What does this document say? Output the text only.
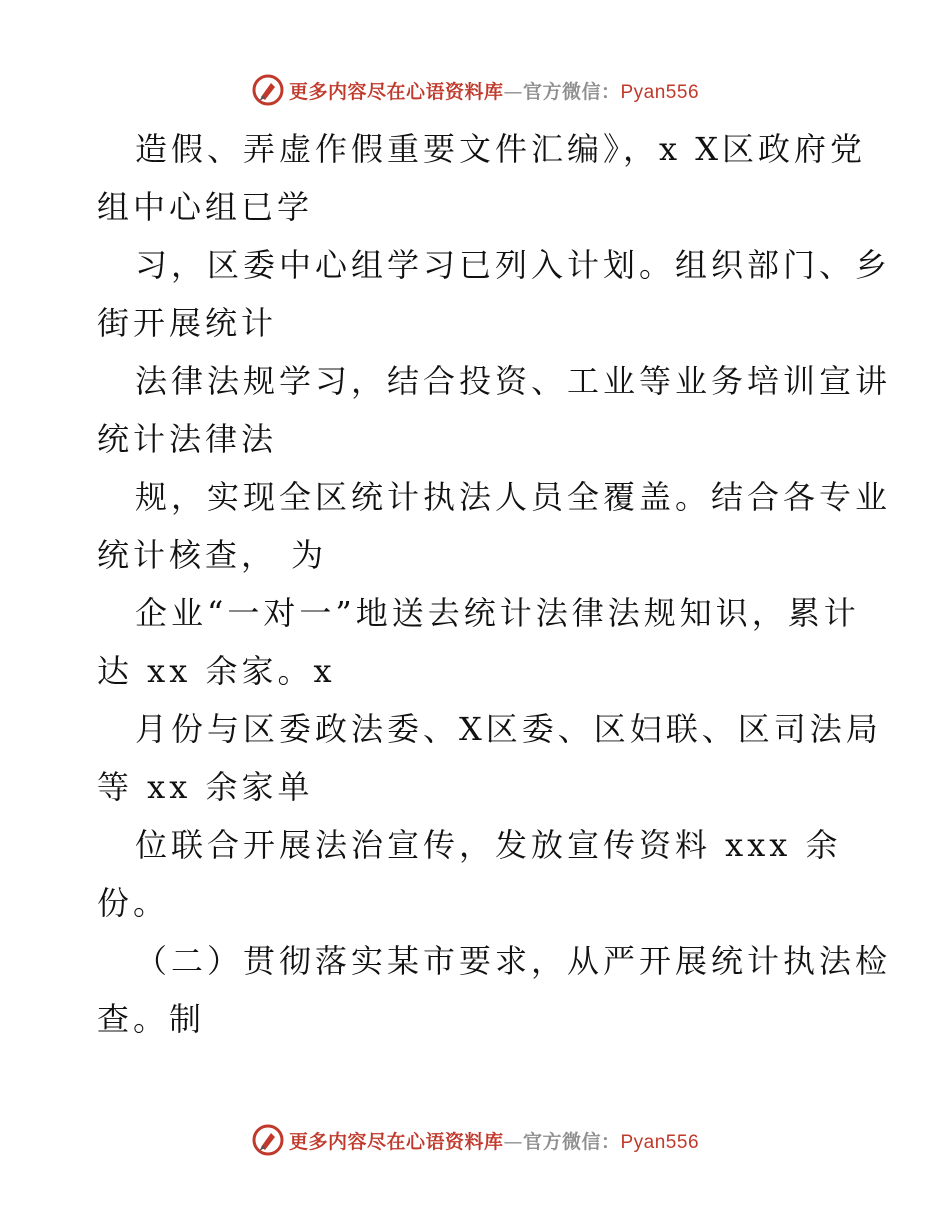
更多内容尽在心语资料库—官方微信：Pyan556
造假、弄虚作假重要文件汇编》，x X区政府党
组中心组已学
习，区委中心组学习已列入计划。组织部门、乡
街开展统计
法律法规学习，结合投资、工业等业务培训宣讲
统计法律法
规，实现全区统计执法人员全覆盖。结合各专业
统计核查， 为
企业“一对一”地送去统计法律法规知识，累计
达 xx 余家。x
月份与区委政法委、X区委、区妇联、区司法局
等 xx 余家单
位联合开展法治宣传，发放宣传资料 xxx 余
份。
（二）贯彻落实某市要求，从严开展统计执法检
查。制
更多内容尽在心语资料库—官方微信：Pyan556
